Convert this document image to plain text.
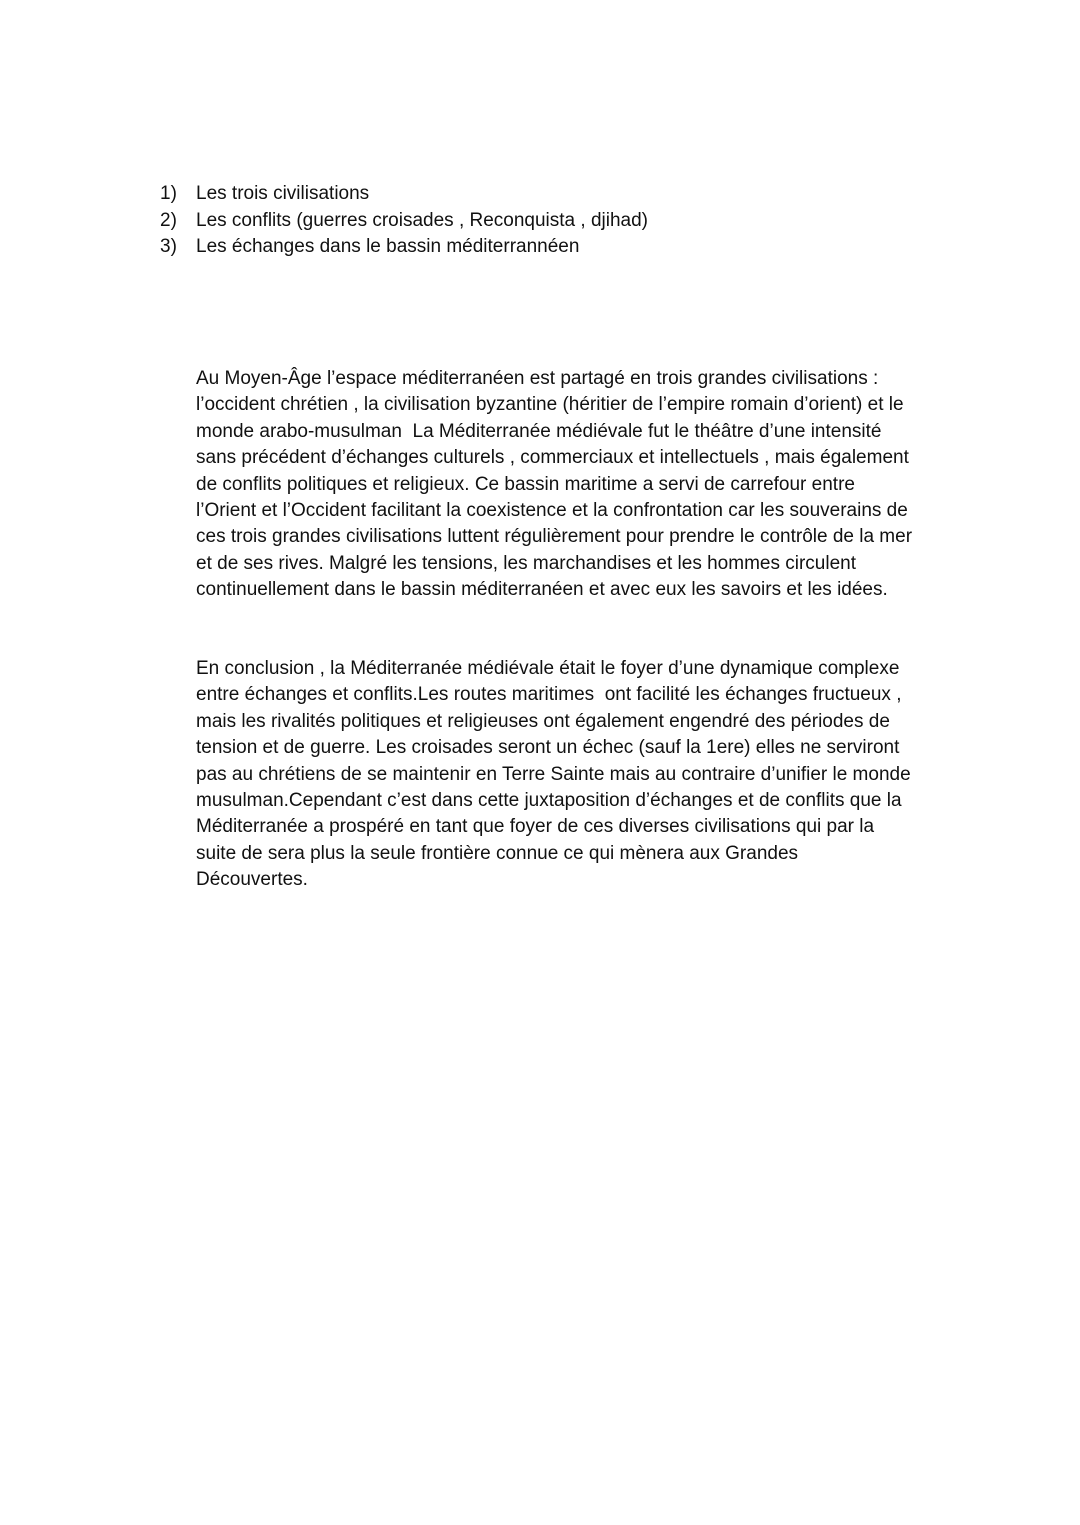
1)	Les trois civilisations
2)	Les conflits (guerres croisades , Reconquista , djihad)
3)	Les échanges dans le bassin méditerrannéen
Au Moyen-Âge l’espace méditerranéen est partagé en trois grandes civilisations :
l’occident chrétien , la civilisation byzantine (héritier de l’empire romain d’orient) et le
monde arabo-musulman  La Méditerranée médiévale fut le théâtre d’une intensité
sans précédent d’échanges culturels , commerciaux et intellectuels , mais également
de conflits politiques et religieux. Ce bassin maritime a servi de carrefour entre
l’Orient et l’Occident facilitant la coexistence et la confrontation car les souverains de
ces trois grandes civilisations luttent régulièrement pour prendre le contrôle de la mer
et de ses rives. Malgré les tensions, les marchandises et les hommes circulent
continuellement dans le bassin méditerranéen et avec eux les savoirs et les idées.
En conclusion , la Méditerranée médiévale était le foyer d’une dynamique complexe
entre échanges et conflits.Les routes maritimes  ont facilité les échanges fructueux ,
mais les rivalités politiques et religieuses ont également engendré des périodes de
tension et de guerre. Les croisades seront un échec (sauf la 1ere) elles ne serviront
pas au chrétiens de se maintenir en Terre Sainte mais au contraire d’unifier le monde
musulman.Cependant c’est dans cette juxtaposition d’échanges et de conflits que la
Méditerranée a prospéré en tant que foyer de ces diverses civilisations qui par la
suite de sera plus la seule frontière connue ce qui mènera aux Grandes
Découvertes.
